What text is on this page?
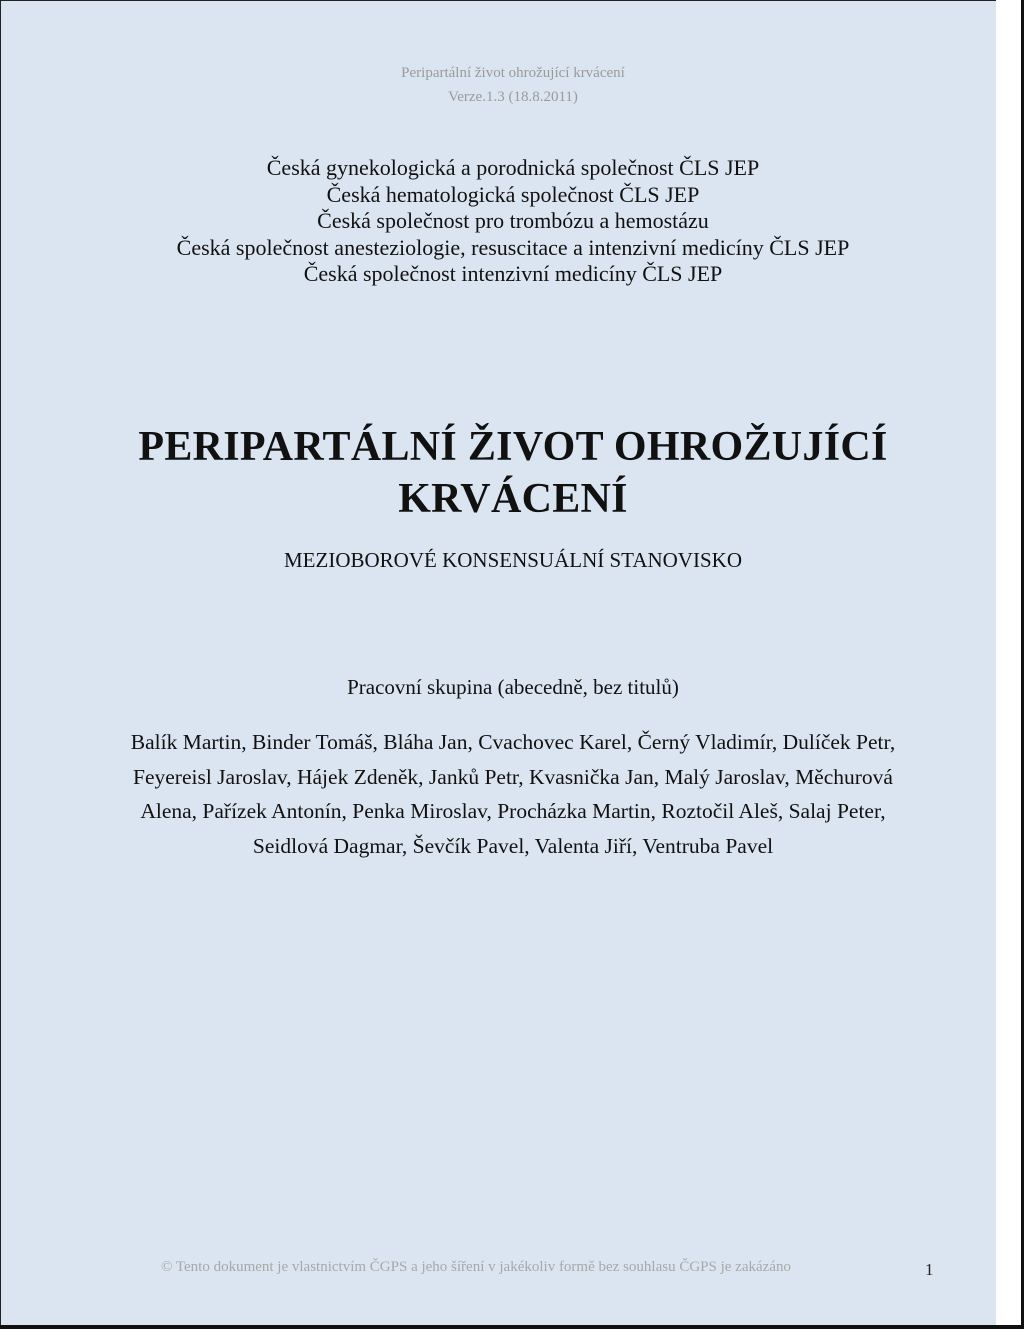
Peripartální život ohrožující krvácení
Verze.1.3 (18.8.2011)
Česká gynekologická a porodnická společnost ČLS JEP
Česká hematologická společnost ČLS JEP
Česká společnost pro trombózu a hemostázu
Česká společnost anesteziologie, resuscitace a intenzivní medicíny ČLS JEP
Česká společnost intenzivní medicíny ČLS JEP
PERIPARTÁLNÍ ŽIVOT OHROŽUJÍCÍ
KRVÁCENÍ
MEZIOBOROVÉ KONSENSUÁLNÍ STANOVISKO
Pracovní skupina (abecedně, bez titulů)
Balík Martin, Binder Tomáš, Bláha Jan, Cvachovec Karel, Černý Vladimír, Dulíček Petr,
Feyereisl Jaroslav, Hájek Zdeněk, Janků Petr, Kvasnička Jan, Malý Jaroslav, Měchurová
Alena, Pařízek Antonín, Penka Miroslav, Procházka Martin, Roztočil Aleš, Salaj Peter,
Seidlová Dagmar, Ševčík Pavel, Valenta Jiří, Ventruba Pavel
© Tento dokument je vlastnictvím ČGPS a jeho šíření v jakékoliv formě bez souhlasu ČGPS je zakázáno	1
